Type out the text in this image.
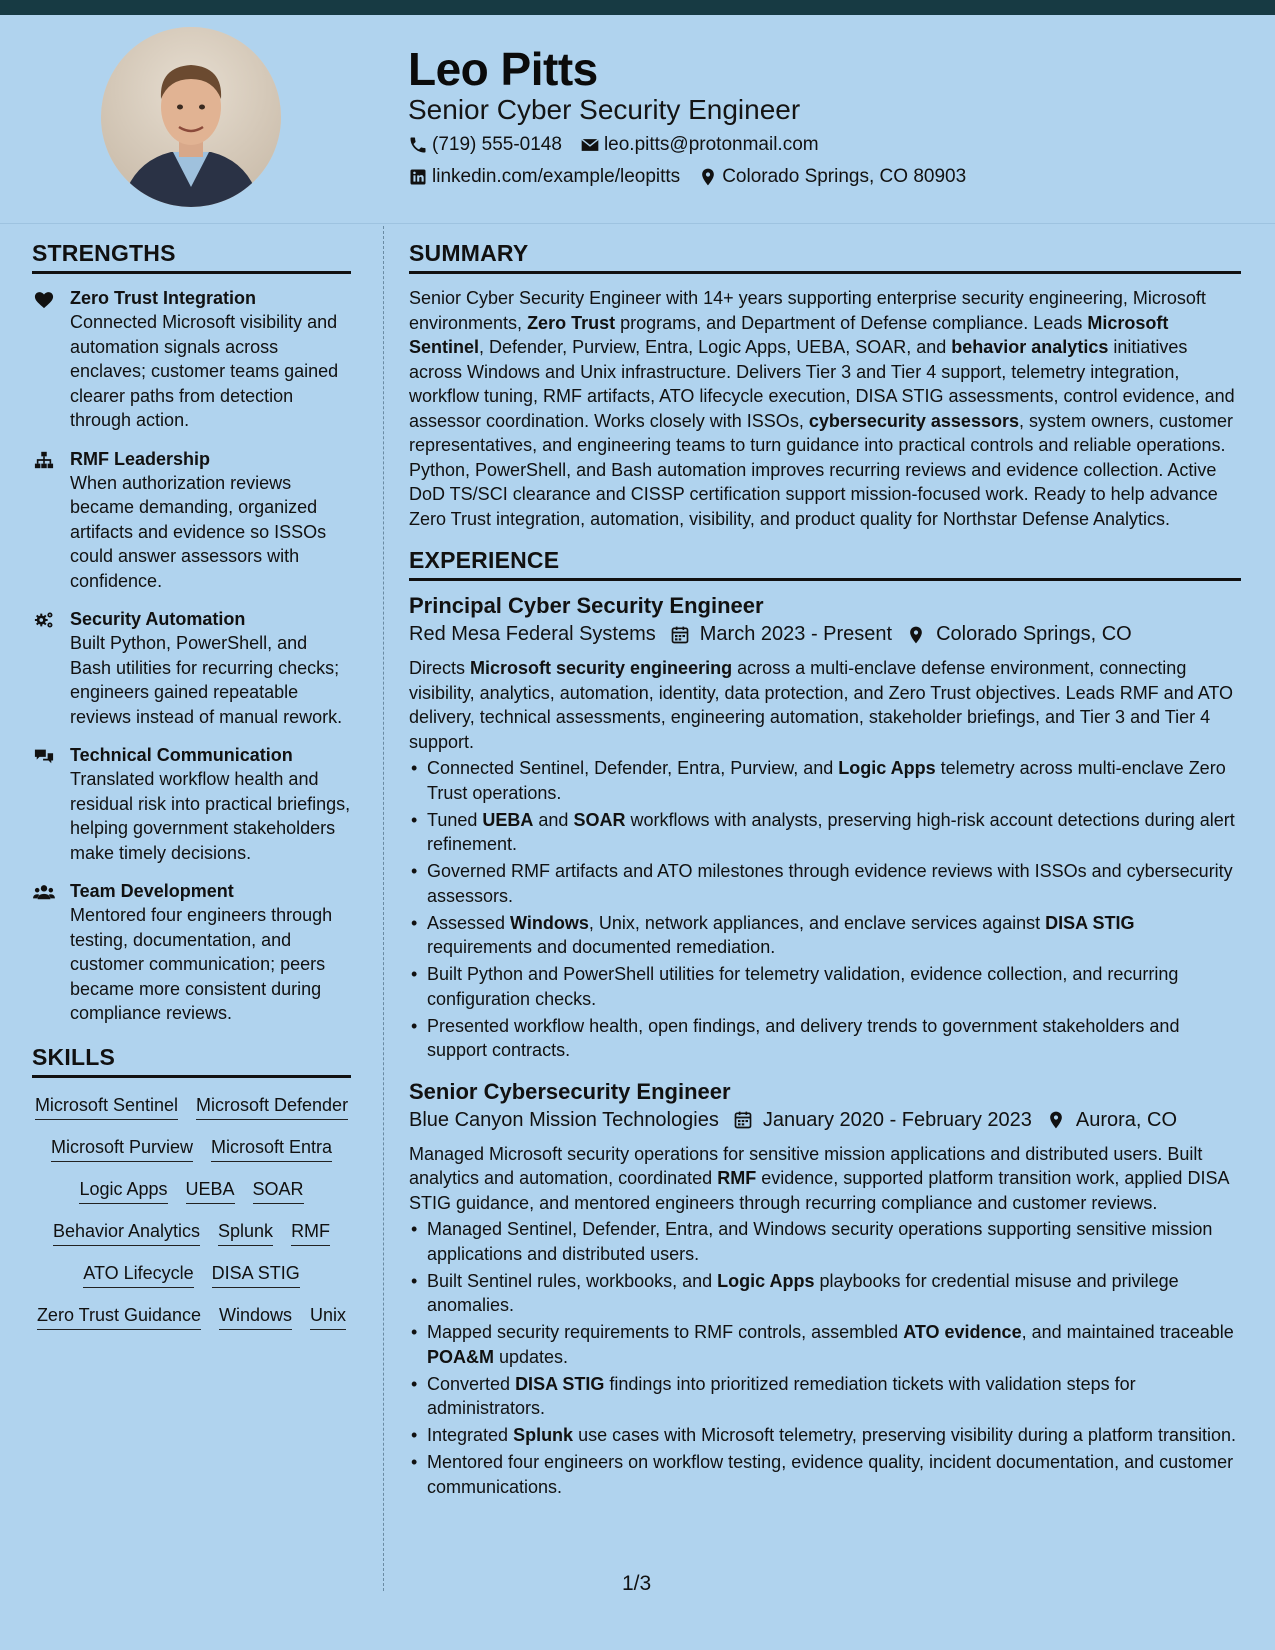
Leo Pitts
Senior Cyber Security Engineer
(719) 555-0148 leo.pitts@protonmail.com
linkedin.com/example/leopitts Colorado Springs, CO 80903
STRENGTHS
Zero Trust Integration
Connected Microsoft visibility and automation signals across enclaves; customer teams gained clearer paths from detection through action.
RMF Leadership
When authorization reviews became demanding, organized artifacts and evidence so ISSOs could answer assessors with confidence.
Security Automation
Built Python, PowerShell, and Bash utilities for recurring checks; engineers gained repeatable reviews instead of manual rework.
Technical Communication
Translated workflow health and residual risk into practical briefings, helping government stakeholders make timely decisions.
Team Development
Mentored four engineers through testing, documentation, and customer communication; peers became more consistent during compliance reviews.
SKILLS
Microsoft Sentinel Microsoft Defender
Microsoft Purview Microsoft Entra
Logic Apps UEBA SOAR
Behavior Analytics Splunk RMF
ATO Lifecycle DISA STIG
Zero Trust Guidance Windows Unix
SUMMARY

Senior Cyber Security Engineer with 14+ years supporting enterprise security engineering, Microsoft environments, Zero Trust programs, and Department of Defense compliance. Leads Microsoft Sentinel, Defender, Purview, Entra, Logic Apps, UEBA, SOAR, and behavior analytics initiatives across Windows and Unix infrastructure. Delivers Tier 3 and Tier 4 support, telemetry integration, workflow tuning, RMF artifacts, ATO lifecycle execution, DISA STIG assessments, control evidence, and assessor coordination. Works closely with ISSOs, cybersecurity assessors, system owners, customer representatives, and engineering teams to turn guidance into practical controls and reliable operations. Python, PowerShell, and Bash automation improves recurring reviews and evidence collection. Active DoD TS/SCI clearance and CISSP certification support mission-focused work. Ready to help advance Zero Trust integration, automation, visibility, and product quality for Northstar Defense Analytics.

EXPERIENCE
Principal Cyber Security Engineer
Red Mesa Federal Systems March 2023 - Present Colorado Springs, CO

Directs Microsoft security engineering across a multi-enclave defense environment, connecting visibility, analytics, automation, identity, data protection, and Zero Trust objectives. Leads RMF and ATO delivery, technical assessments, engineering automation, stakeholder briefings, and Tier 3 and Tier 4 support.

• Connected Sentinel, Defender, Entra, Purview, and Logic Apps telemetry across multi-enclave Zero Trust operations.
• Tuned UEBA and SOAR workflows with analysts, preserving high-risk account detections during alert refinement.
• Governed RMF artifacts and ATO milestones through evidence reviews with ISSOs and cybersecurity assessors.
• Assessed Windows, Unix, network appliances, and enclave services against DISA STIG requirements and documented remediation.
• Built Python and PowerShell utilities for telemetry validation, evidence collection, and recurring configuration checks.
• Presented workflow health, open findings, and delivery trends to government stakeholders and support contracts.
Senior Cybersecurity Engineer
Blue Canyon Mission Technologies January 2020 - February 2023 Aurora, CO

Managed Microsoft security operations for sensitive mission applications and distributed users. Built analytics and automation, coordinated RMF evidence, supported platform transition work, applied DISA STIG guidance, and mentored engineers through recurring compliance and customer reviews.

• Managed Sentinel, Defender, Entra, and Windows security operations supporting sensitive mission applications and distributed users.
• Built Sentinel rules, workbooks, and Logic Apps playbooks for credential misuse and privilege anomalies.
• Mapped security requirements to RMF controls, assembled ATO evidence, and maintained traceable POA&M updates.
• Converted DISA STIG findings into prioritized remediation tickets with validation steps for administrators.
• Integrated Splunk use cases with Microsoft telemetry, preserving visibility during a platform transition.
• Mentored four engineers on workflow testing, evidence quality, incident documentation, and customer communications.
1/3
